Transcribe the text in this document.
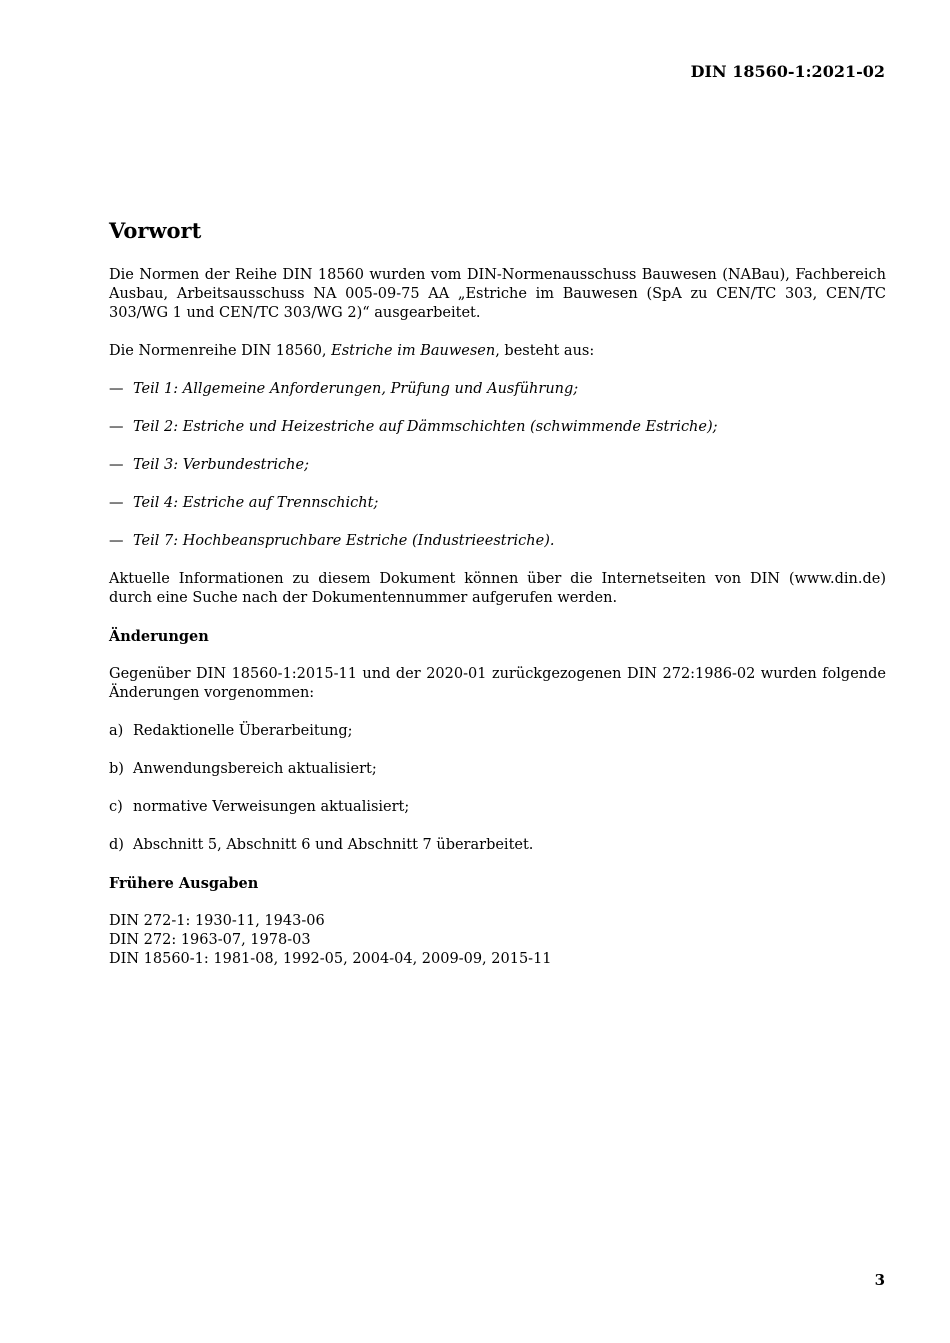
DIN 18560-1:2021-02
Vorwort

Die Normen der Reihe DIN 18560 wurden vom DIN-Normenausschuss Bauwesen (NABau), Fachbereich Ausbau, Arbeitsausschuss NA 005-09-75 AA „Estriche im Bauwesen (SpA zu CEN/TC 303, CEN/TC 303/WG 1 und CEN/TC 303/WG 2)“ ausgearbeitet.

Die Normenreihe DIN 18560, Estriche im Bauwesen, besteht aus:

— Teil 1: Allgemeine Anforderungen, Prüfung und Ausführung;
— Teil 2: Estriche und Heizestriche auf Dämmschichten (schwimmende Estriche);
— Teil 3: Verbundestriche;
— Teil 4: Estriche auf Trennschicht;
— Teil 7: Hochbeanspruchbare Estriche (Industrieestriche).

Aktuelle Informationen zu diesem Dokument können über die Internetseiten von DIN (www.din.de) durch eine Suche nach der Dokumentennummer aufgerufen werden.

Änderungen

Gegenüber DIN 18560-1:2015-11 und der 2020-01 zurückgezogenen DIN 272:1986-02 wurden folgende Änderungen vorgenommen:

a) Redaktionelle Überarbeitung;
b) Anwendungsbereich aktualisiert;
c) normative Verweisungen aktualisiert;
d) Abschnitt 5, Abschnitt 6 und Abschnitt 7 überarbeitet.
Frühere Ausgaben
DIN 272-1: 1930-11, 1943-06
DIN 272: 1963-07, 1978-03
DIN 18560-1: 1981-08, 1992-05, 2004-04, 2009-09, 2015-11
3
